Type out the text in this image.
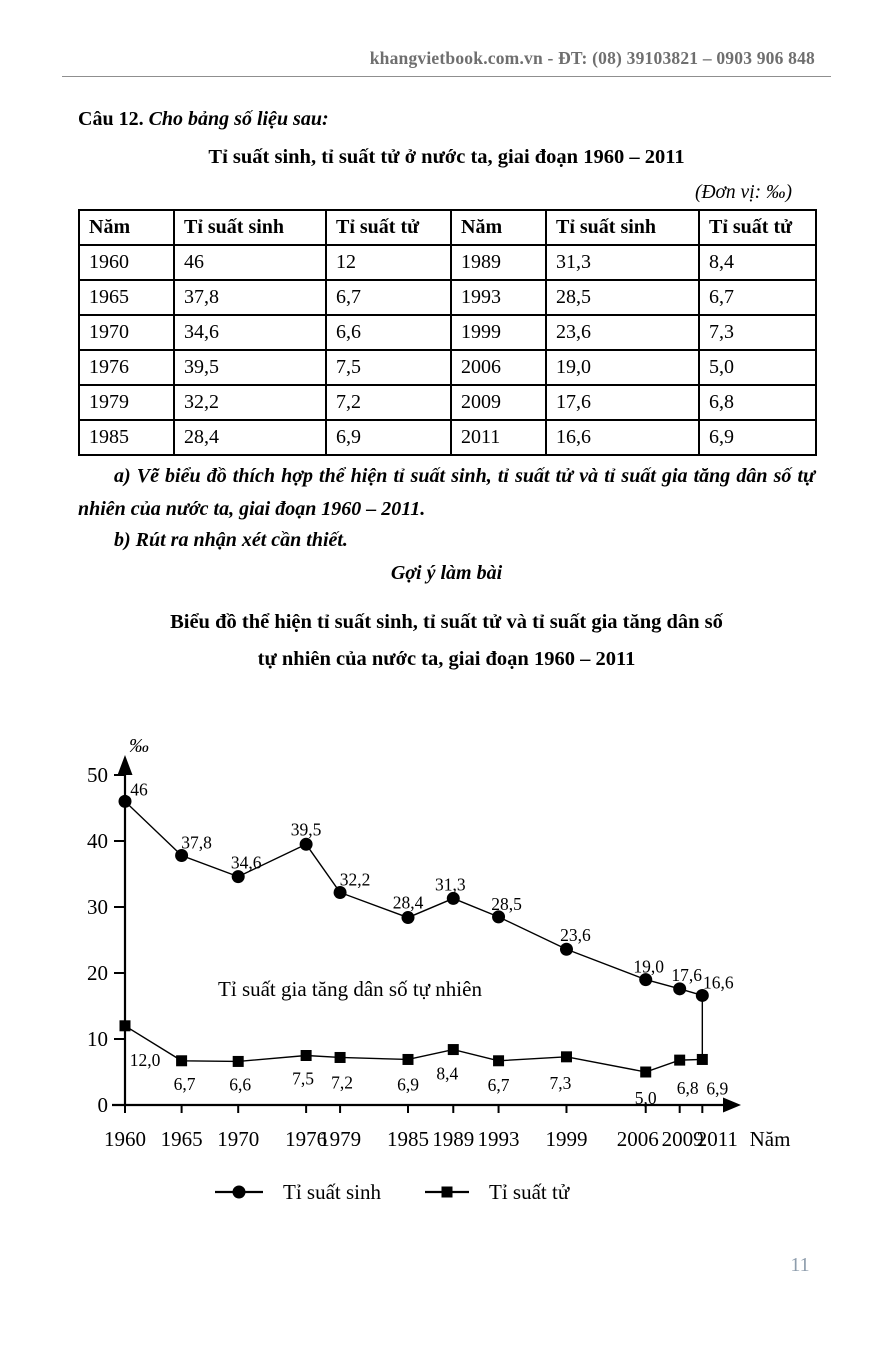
khangvietbook.com.vn - ĐT: (08) 39103821 – 0903 906 848
Câu 12. Cho bảng số liệu sau:
Tỉ suất sinh, tỉ suất tử ở nước ta, giai đoạn 1960 – 2011
(Đơn vị: ‰)
Năm	Tỉ suất sinh	Tỉ suất tử	Năm	Tỉ suất sinh	Tỉ suất tử
1960	46	12	1989	31,3	8,4
1965	37,8	6,7	1993	28,5	6,7
1970	34,6	6,6	1999	23,6	7,3
1976	39,5	7,5	2006	19,0	5,0
1979	32,2	7,2	2009	17,6	6,8
1985	28,4	6,9	2011	16,6	6,9
a) Vẽ biểu đồ thích hợp thể hiện tỉ suất sinh, tỉ suất tử và tỉ suất gia tăng dân số tự nhiên của nước ta, giai đoạn 1960 – 2011.
b) Rút ra nhận xét cần thiết.
Gợi ý làm bài
Biểu đồ thể hiện tỉ suất sinh, tỉ suất tử và tỉ suất gia tăng dân số
tự nhiên của nước ta, giai đoạn 1960 – 2011
0
10
20
30
40
50
1960 1965 1970 1976
1979 1985 1989 1993 1999 2006 2009
2011 Năm
‰
Tỉ suất gia tăng dân số tự nhiên
46
37,8
34,6
39,5
32,2
28,4
31,3
28,5
23,6
19,0 17,6 16,6
12,0
6,7 6,6 7,5 7,2	6,9
8,4
6,7 7,3
5,0 6,8 6,9
Tỉ suất sinh	Tỉ suất tử
11
